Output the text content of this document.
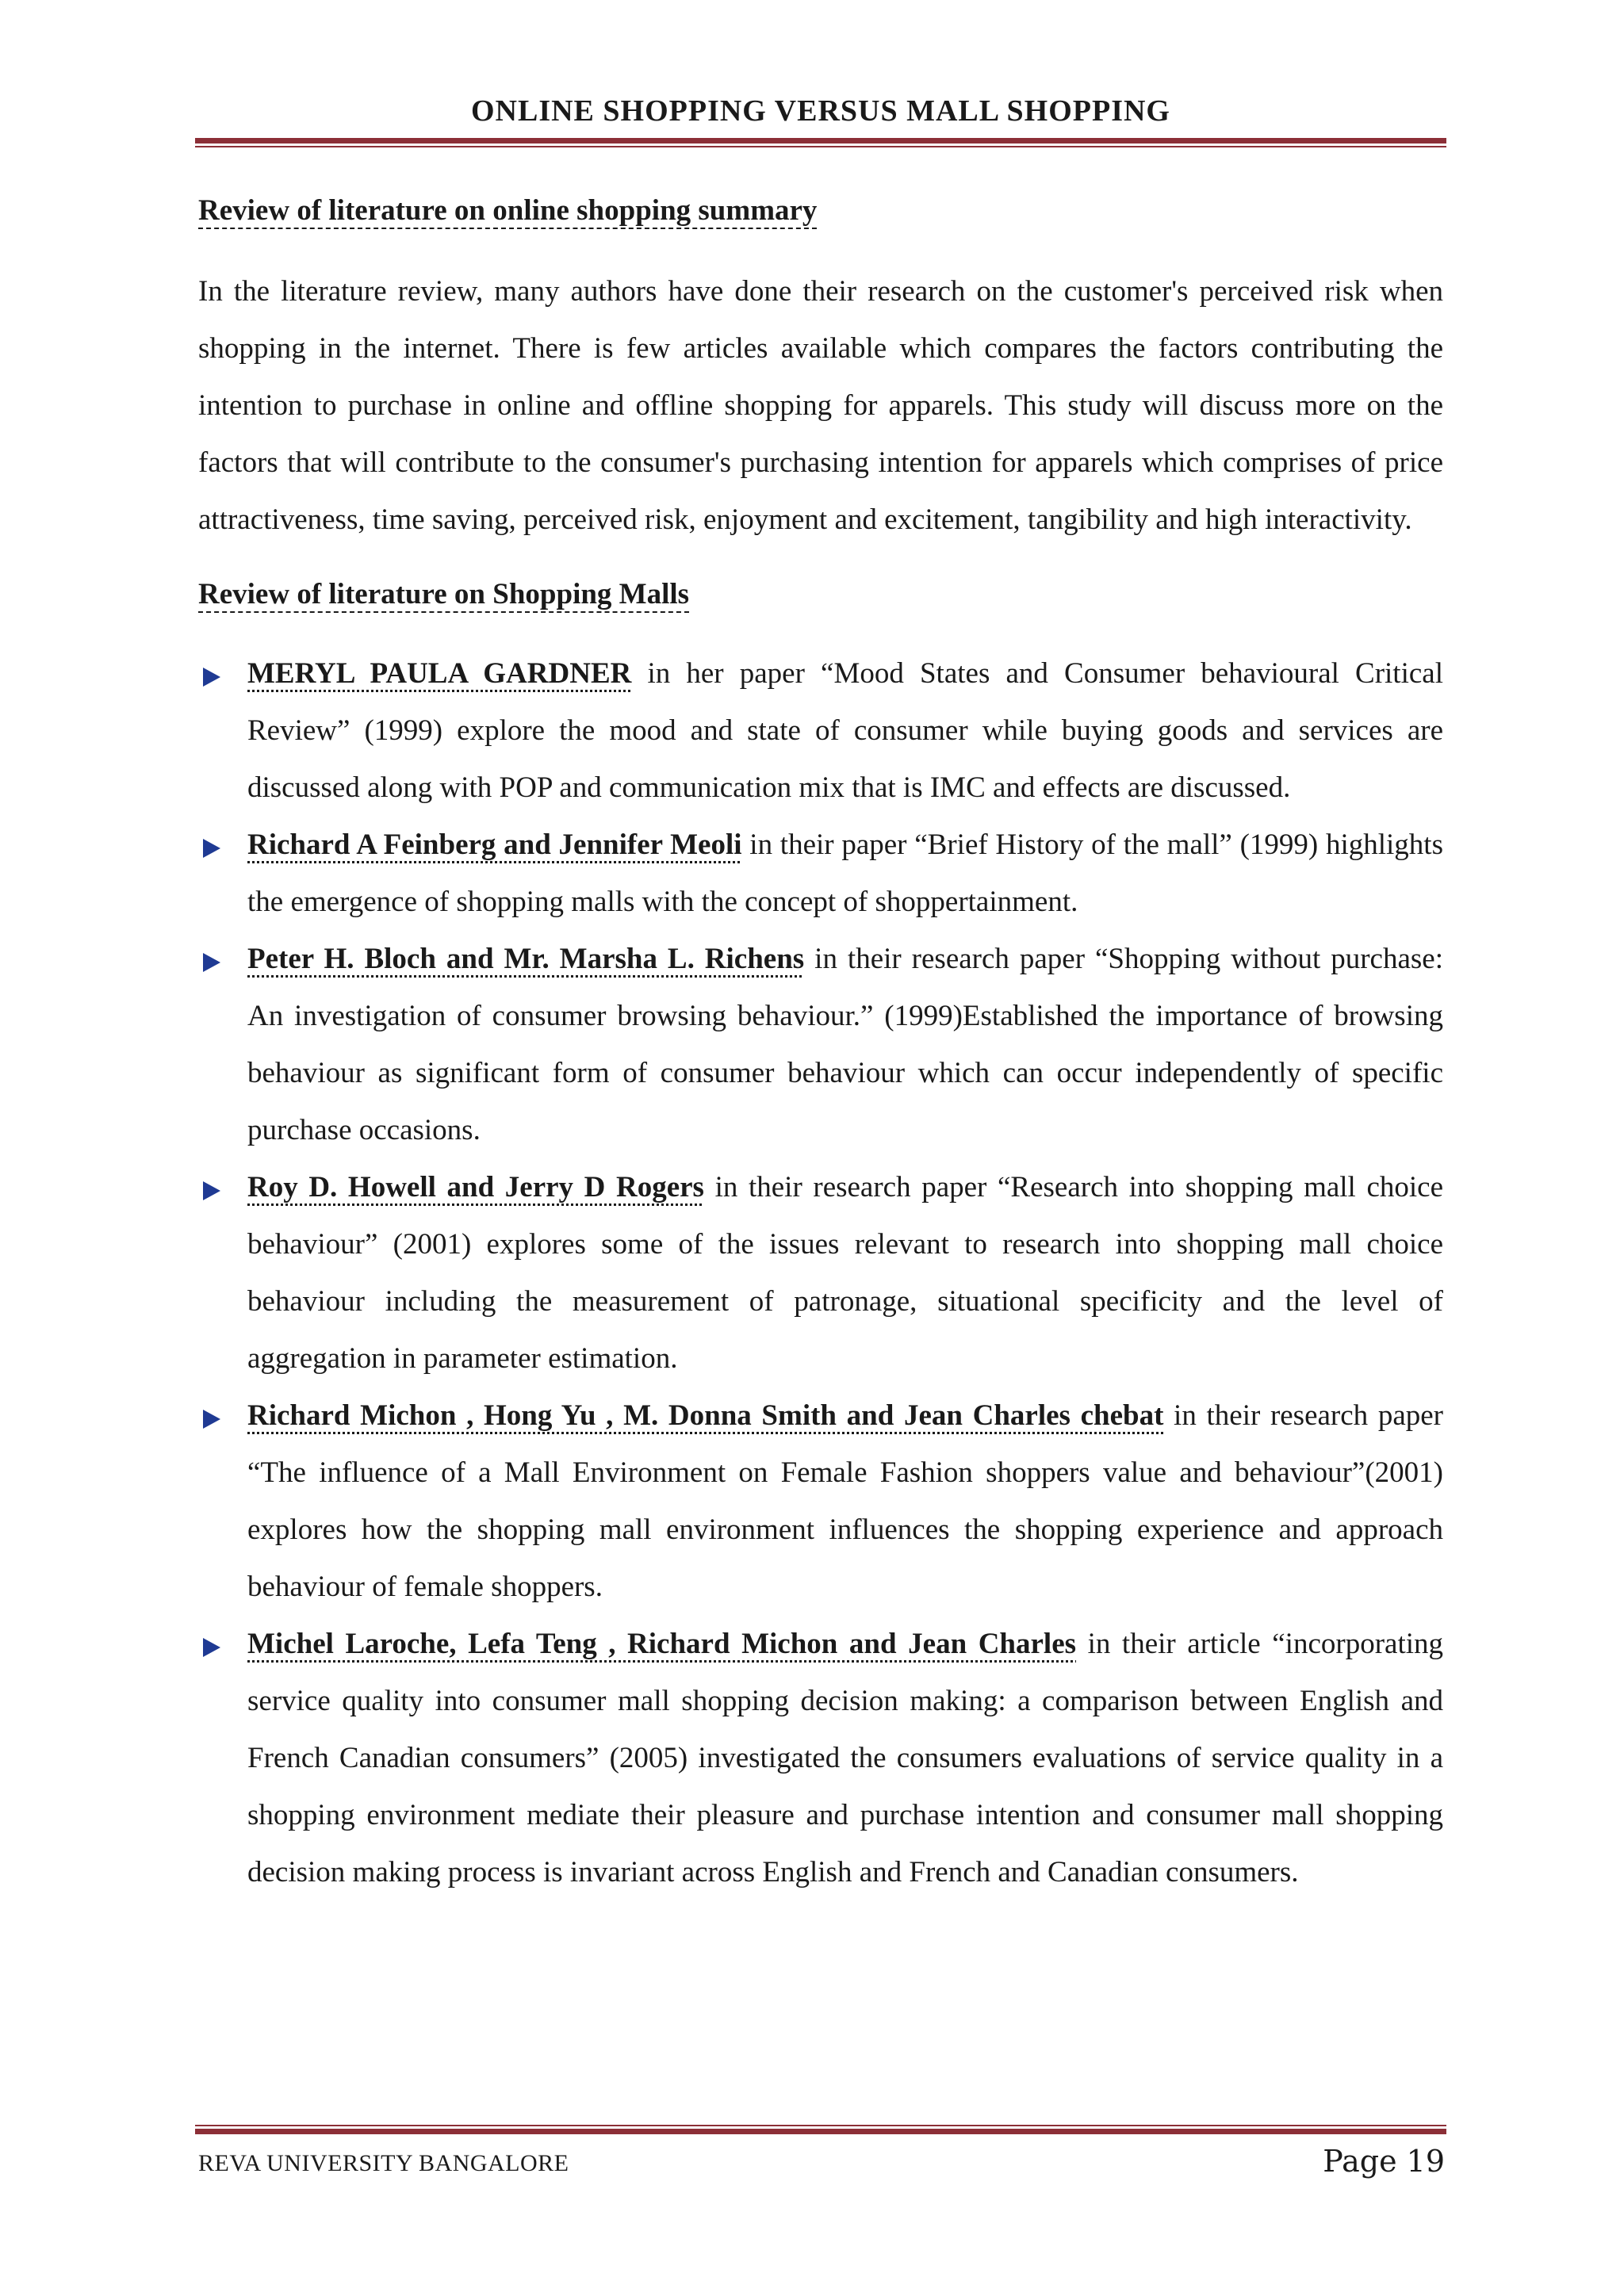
ONLINE SHOPPING VERSUS MALL SHOPPING
Review of literature on online shopping summary

In the literature review, many authors have done their research on the customer's perceived risk when shopping in the internet. There is few articles available which compares the factors contributing the intention to purchase in online and offline shopping for apparels. This study will discuss more on the factors that will contribute to the consumer's purchasing intention for apparels which comprises of price attractiveness, time saving, perceived risk, enjoyment and excitement, tangibility and high interactivity.

Review of literature on Shopping Malls
MERYL PAULA GARDNER in her paper “Mood States and Consumer behavioural Critical Review” (1999) explore the mood and state of consumer while buying goods and services are discussed along with POP and communication mix that is IMC and effects are discussed.
Richard A Feinberg and Jennifer Meoli in their paper “Brief History of the mall” (1999) highlights the emergence of shopping malls with the concept of shoppertainment.
Peter H. Bloch and Mr. Marsha L. Richens in their research paper “Shopping without purchase: An investigation of consumer browsing behaviour.” (1999)Established the importance of browsing behaviour as significant form of consumer behaviour which can occur independently of specific purchase occasions.
Roy D. Howell and Jerry D Rogers in their research paper “Research into shopping mall choice behaviour” (2001) explores some of the issues relevant to research into shopping mall choice behaviour including the measurement of patronage, situational specificity and the level of aggregation in parameter estimation.
Richard Michon , Hong Yu , M. Donna Smith and Jean Charles chebat in their research paper “The influence of a Mall Environment on Female Fashion shoppers value and behaviour”(2001) explores how the shopping mall environment influences the shopping experience and approach behaviour of female shoppers.
Michel Laroche, Lefa Teng , Richard Michon and Jean Charles in their article “incorporating service quality into consumer mall shopping decision making: a comparison between English and French Canadian consumers” (2005) investigated the consumers evaluations of service quality in a shopping environment mediate their pleasure and purchase intention and consumer mall shopping decision making process is invariant across English and French and Canadian consumers.
REVA UNIVERSITY BANGALORE	Page 19
